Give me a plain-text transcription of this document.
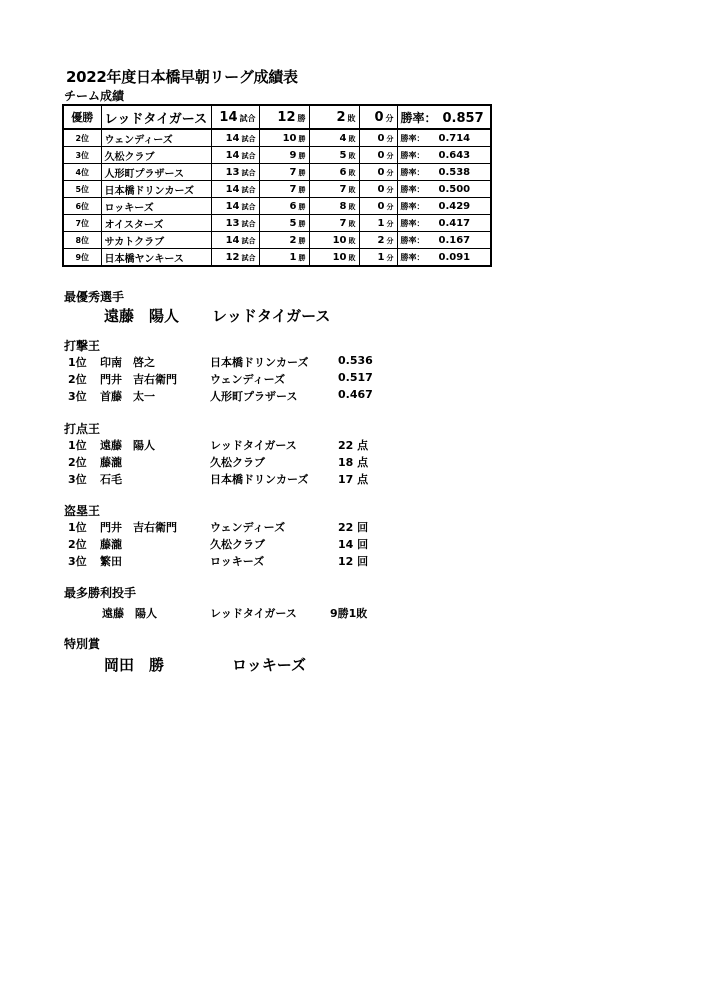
2022年度日本橋早朝リーグ成績表
チーム成績
優勝	レッドタイガース	14 試合	12 勝	2 敗	0 分	勝率： 0.857
2位	ウェンディーズ	14 試合	10 勝	4 敗	0 分	勝率： 0.714
3位	久松クラブ	14 試合	9 勝	5 敗	0 分	勝率： 0.643
4位	人形町プラザース	13 試合	7 勝	6 敗	0 分	勝率： 0.538
5位	日本橋ドリンカーズ	14 試合	7 勝	7 敗	0 分	勝率： 0.500
6位	ロッキーズ	14 試合	6 勝	8 敗	0 分	勝率： 0.429
7位	オイスターズ	13 試合	5 勝	7 敗	1 分	勝率： 0.417
8位	サカトクラブ	14 試合	2 勝	10 敗	2 分	勝率： 0.167
9位	日本橋ヤンキース	12 試合	1 勝	10 敗	1 分	勝率： 0.091
最優秀選手
遠藤　陽人 レッドタイガース
打撃王
1位 印南　啓之	日本橋ドリンカーズ	0.536
2位 門井　吉右衛門	ウェンディーズ	0.517
3位 首藤　太一	人形町プラザース	0.467
打点王
1位 遠藤　陽人	レッドタイガース	22 点
2位 藤瀧	久松クラブ	18 点
3位 石毛	日本橋ドリンカーズ	17 点
盗塁王
1位 門井　吉右衛門	ウェンディーズ	22 回
2位 藤瀧	久松クラブ	14 回
3位 繁田	ロッキーズ	12 回
最多勝利投手
遠藤　陽人	レッドタイガース	9勝1敗
特別賞
岡田　勝	ロッキーズ
